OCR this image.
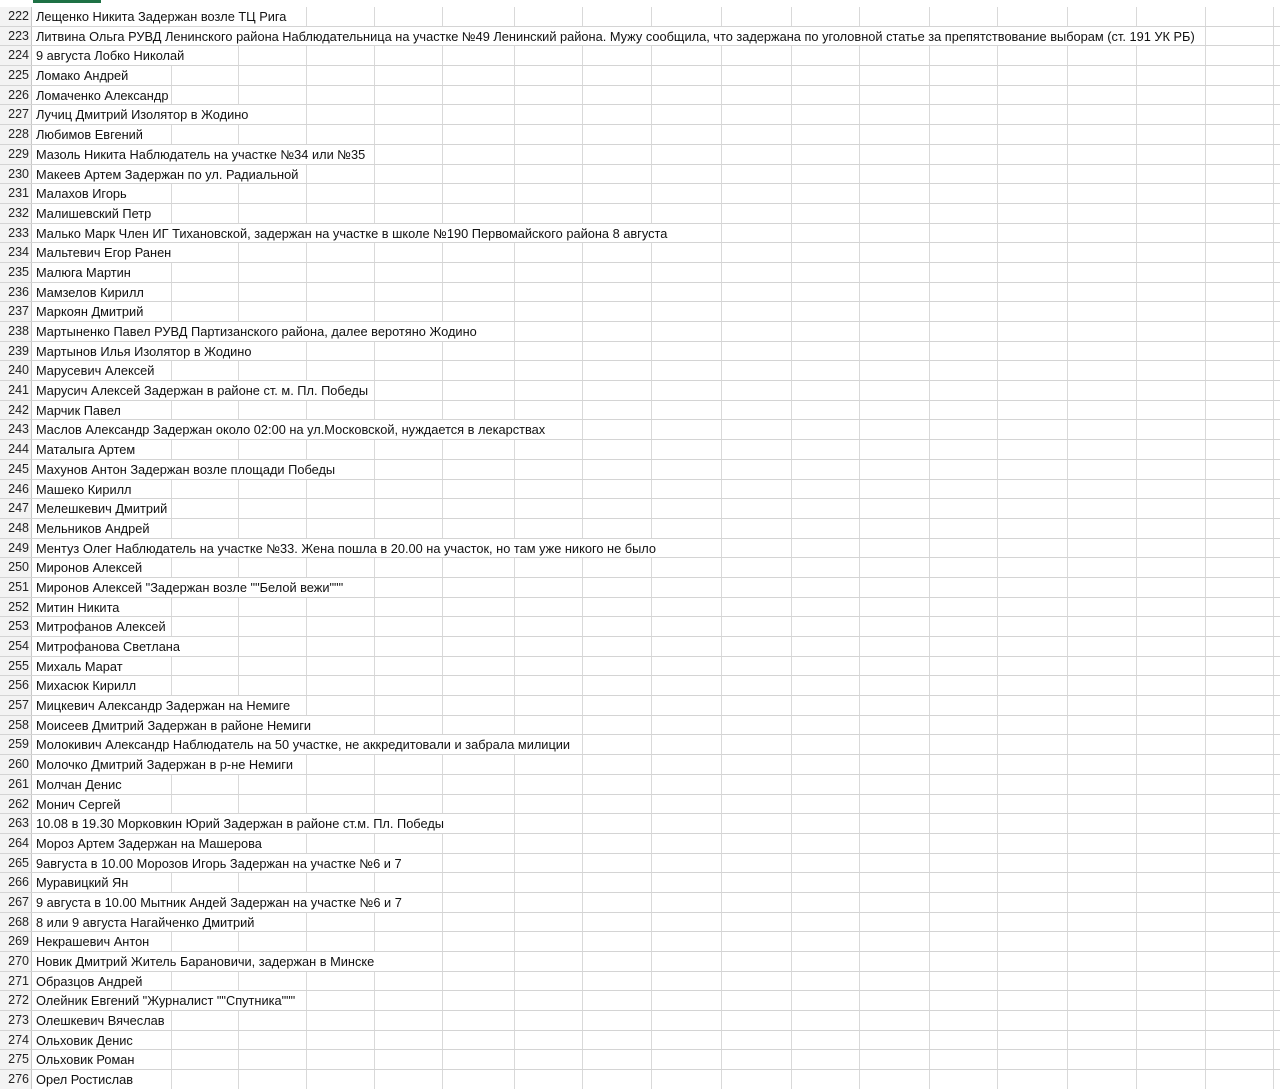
222 Лещенко Никита Задержан возле ТЦ Рига
223 Литвина Ольга РУВД Ленинского района Наблюдательница на участке №49 Ленинский района. Мужу сообщила, что задержана по уголовной статье за препятствование выборам (ст. 191 УК РБ)
224 9 августа Лобко Николай
225 Ломако Андрей
226 Ломаченко Александр
227 Лучиц Дмитрий Изолятор в Жодино
228 Любимов Евгений
229 Мазоль Никита Наблюдатель на участке №34 или №35
230 Макеев Артем Задержан по ул. Радиальной
231 Малахов Игорь
232 Малишевский Петр
233 Малько Марк Член ИГ Тихановской, задержан на участке в школе №190 Первомайского района 8 августа
234 Мальтевич Егор Ранен
235 Малюга Мартин
236 Мамзелов Кирилл
237 Маркоян Дмитрий
238 Мартыненко Павел РУВД Партизанского района, далее веротяно Жодино
239 Мартынов Илья Изолятор в Жодино
240 Марусевич Алексей
241 Марусич Алексей Задержан в районе ст. м. Пл. Победы
242 Марчик Павел
243 Маслов Александр Задержан около 02:00 на ул.Московской, нуждается в лекарствах
244 Маталыга Артем
245 Махунов Антон Задержан возле площади Победы
246 Машеко Кирилл
247 Мелешкевич Дмитрий
248 Мельников Андрей
249 Ментуз Олег Наблюдатель на участке №33. Жена пошла в 20.00 на участок, но там уже никого не было
250 Миронов Алексей
251 Миронов Алексей "Задержан возле ""Белой вежи"""
252 Митин Никита
253 Митрофанов Алексей
254 Митрофанова Светлана
255 Михаль Марат
256 Михасюк Кирилл
257 Мицкевич Александр Задержан на Немиге
258 Моисеев Дмитрий Задержан в районе Немиги
259 Молокивич Александр Наблюдатель на 50 участке, не аккредитовали и забрала милиции
260 Молочко Дмитрий Задержан в р-не Немиги
261 Молчан Денис
262 Монич Сергей
263 10.08 в 19.30 Морковкин Юрий Задержан в районе ст.м. Пл. Победы
264 Мороз Артем Задержан на Машерова
265 9августа в 10.00 Морозов Игорь Задержан на участке №6 и 7
266 Муравицкий Ян
267 9 августа в 10.00 Мытник Андей Задержан на участке №6 и 7
268 8 или 9 августа Нагайченко Дмитрий
269 Некрашевич Антон
270 Новик Дмитрий Житель Барановичи, задержан в Минске
271 Образцов Андрей
272 Олейник Евгений "Журналист ""Спутника"""
273 Олешкевич Вячеслав
274 Ольховик Денис
275 Ольховик Роман
276 Орел Ростислав
